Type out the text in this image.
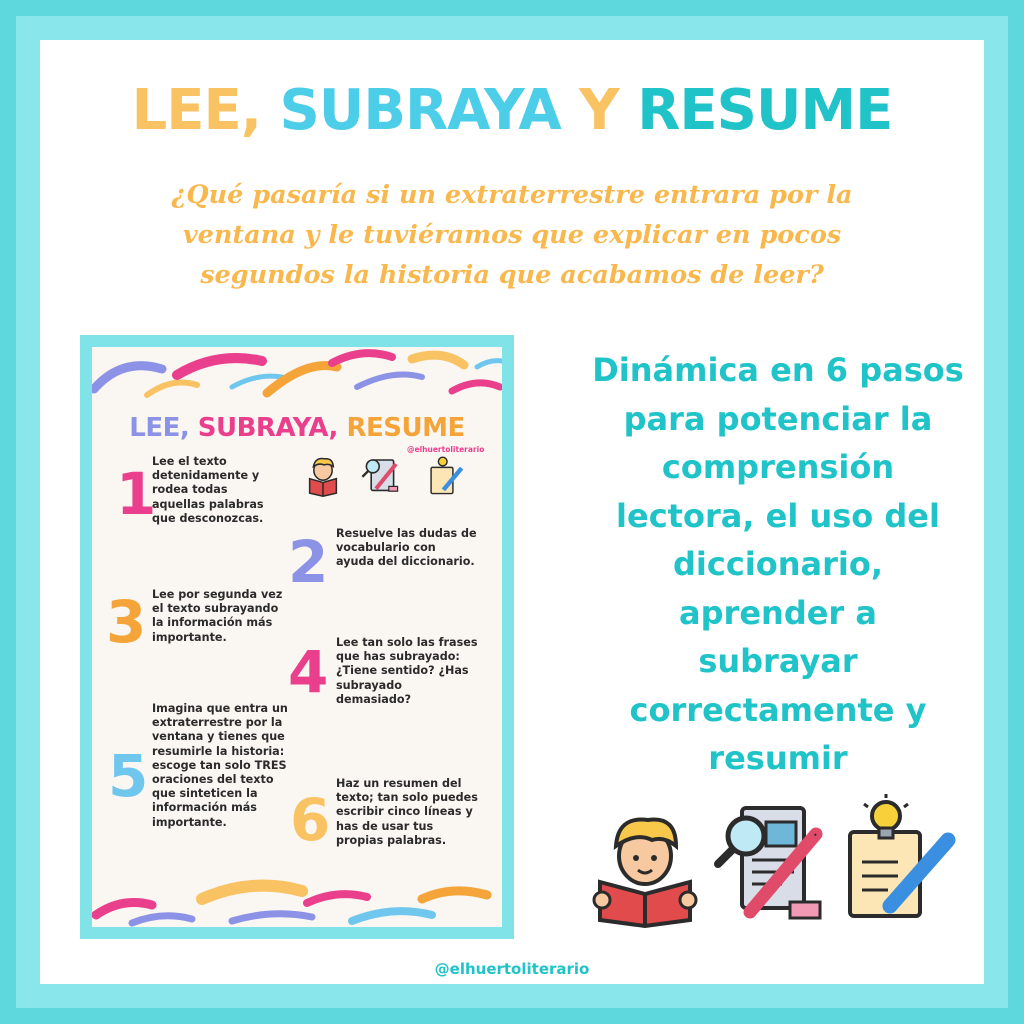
LEE, SUBRAYA Y RESUME
¿Qué pasaría si un extraterrestre entrara por la
ventana y le tuviéramos que explicar en pocos
segundos la historia que acabamos de leer?
LEE, SUBRAYA, RESUME
@elhuertoliterario
1
Lee el texto
detenidamente y
rodea todas
aquellas palabras
que desconozcas.
2 Resuelve las dudas de
vocabulario con
ayuda del diccionario.
3 Lee por segunda vez
el texto subrayando
la información más
importante.
4 Lee tan solo las frases
que has subrayado:
¿Tiene sentido? ¿Has
subrayado
demasiado?
5
Imagina que entra un
extraterrestre por la
ventana y tienes que
resumirle la historia:
escoge tan solo TRES
oraciones del texto
que sinteticen la
información más
importante.	6
Haz un resumen del
texto; tan solo puedes
escribir cinco líneas y
has de usar tus
propias palabras.
Dinámica en 6 pasos
para potenciar la
comprensión
lectora, el uso del
diccionario,
aprender a
subrayar
correctamente y
resumir
@elhuertoliterario
